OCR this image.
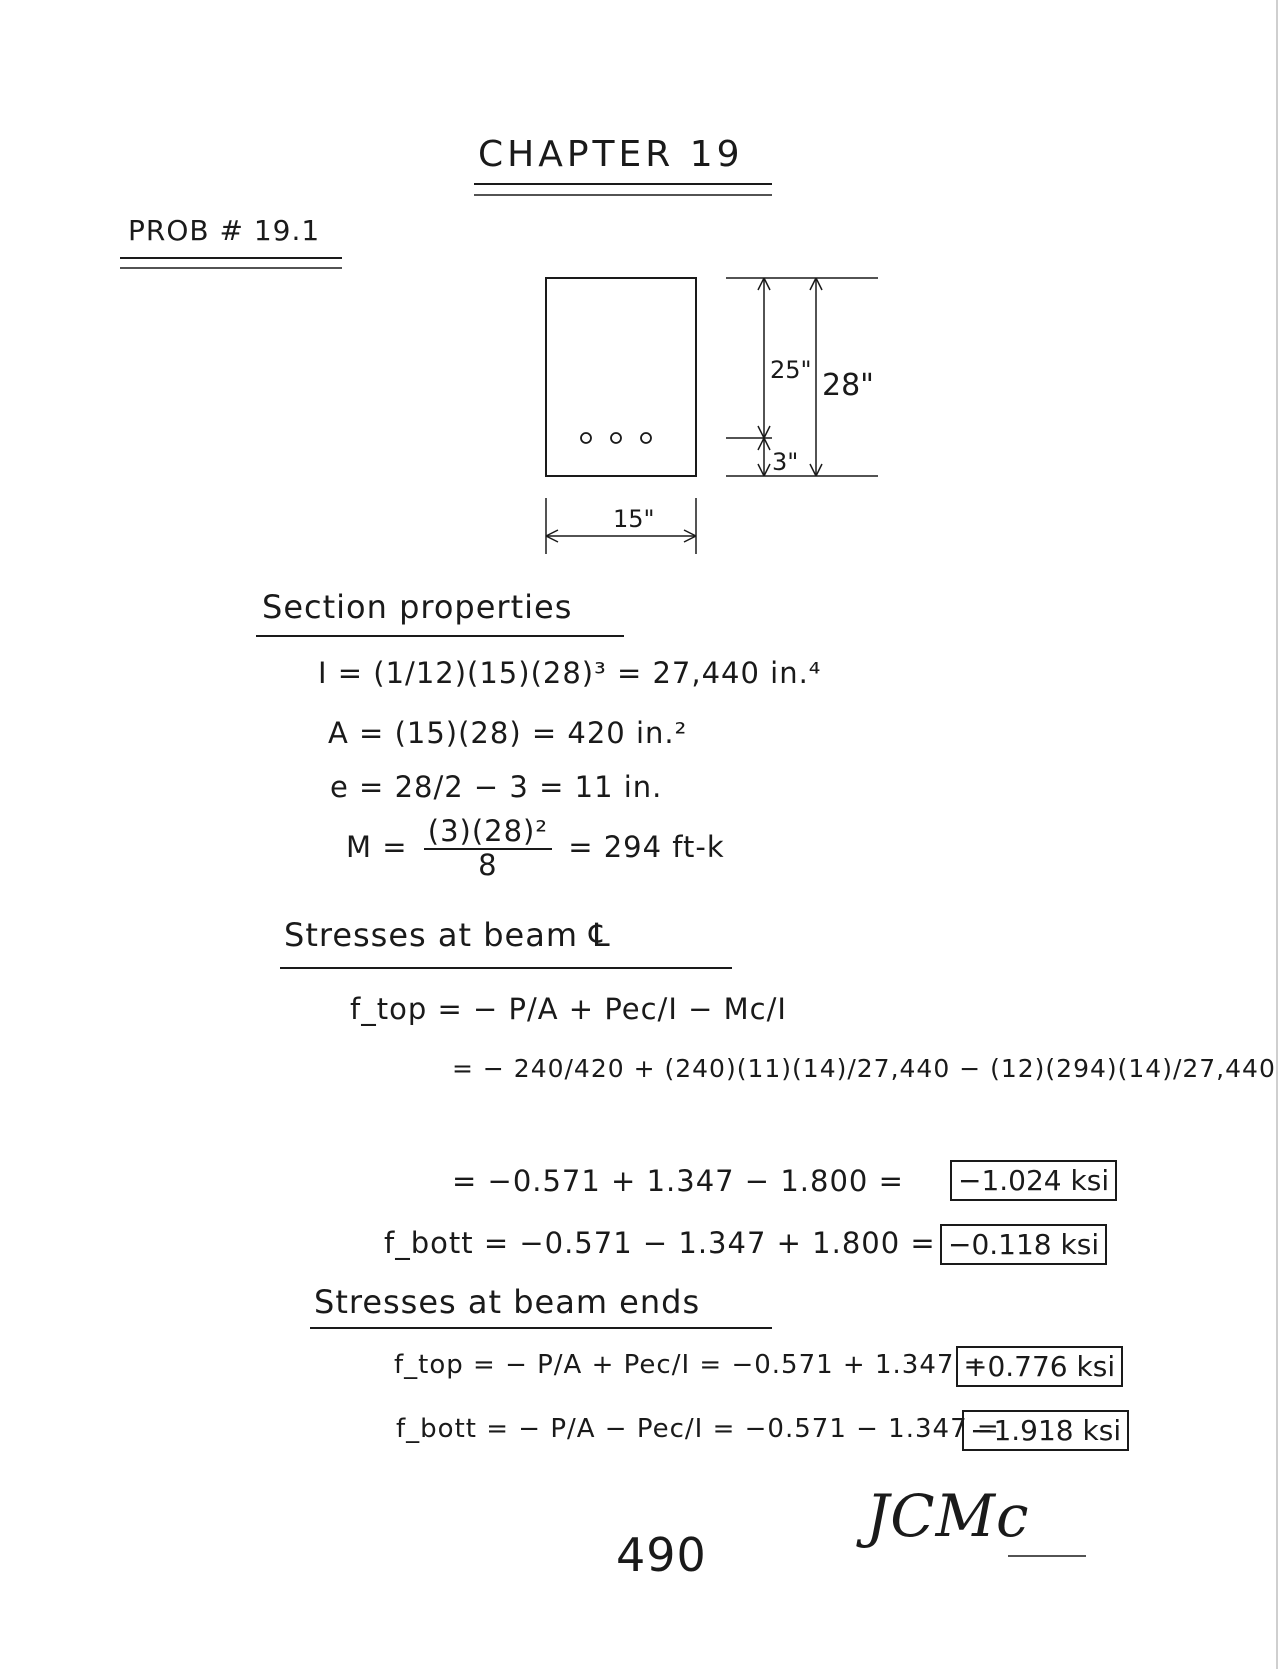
CHAPTER 19
PROB # 19.1
15"
25" 28"
3"
Section properties
I = (1/12)(15)(28)³ = 27,440 in.⁴
A = (15)(28) = 420 in.²
e = 28/2 − 3 = 11 in.
$M = \frac{\text{(3)(28)²}}{8} = 294$ ft-k
Stresses at beam ℄
f_top = − P/A + Pec/I − Mc/I
= − 240/420 + (240)(11)(14)/27,440 − (12)(294)(14)/27,440
= −0.571 + 1.347 − 1.800 = −1.024 ksi
f_bott = −0.571 − 1.347 + 1.800 = −0.118 ksi
Stresses at beam ends
f_top = − P/A + Pec/I = −0.571 + 1.347 =
+0.776 ksi
f_bott = − P/A − Pec/I = −0.571 − 1.347 =
−1.918 ksi
490
JCMc
